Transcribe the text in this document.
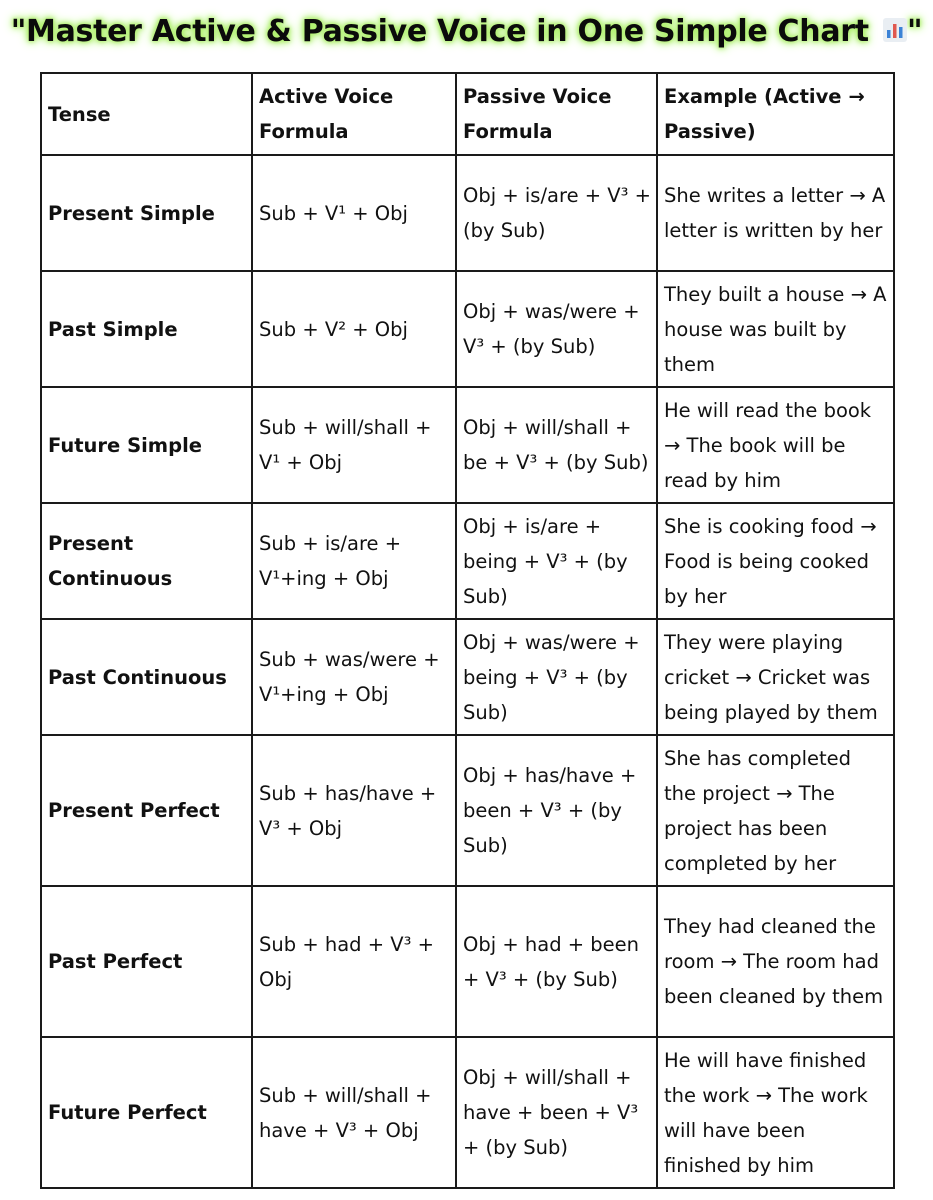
"Master Active & Passive Voice in One Simple Chart
"
Tense	Active Voice Formula	Passive Voice Formula	Example (Active → Passive)
Present Simple	Sub + V¹ + Obj	Obj + is/are + V³ + (by Sub)	She writes a letter → A letter is written by her
Past Simple	Sub + V² + Obj	Obj + was/were + V³ + (by Sub)	They built a house → A house was built by them
Future Simple	Sub + will/shall + V¹ + Obj	Obj + will/shall + be + V³ + (by Sub)	He will read the book → The book will be read by him
Present Continuous	Sub + is/are + V¹+ing + Obj	Obj + is/are + being + V³ + (by Sub)	She is cooking food → Food is being cooked by her
Past Continuous	Sub + was/were + V¹+ing + Obj	Obj + was/were + being + V³ + (by Sub)	They were playing cricket → Cricket was being played by them
Present Perfect	Sub + has/have + V³ + Obj	Obj + has/have + been + V³ + (by Sub)	She has completed the project → The project has been completed by her
Past Perfect	Sub + had + V³ + Obj	Obj + had + been + V³ + (by Sub)	They had cleaned the room → The room had been cleaned by them
Future Perfect	Sub + will/shall + have + V³ + Obj	Obj + will/shall + have + been + V³ + (by Sub)	He will have finished the work → The work will have been finished by him
